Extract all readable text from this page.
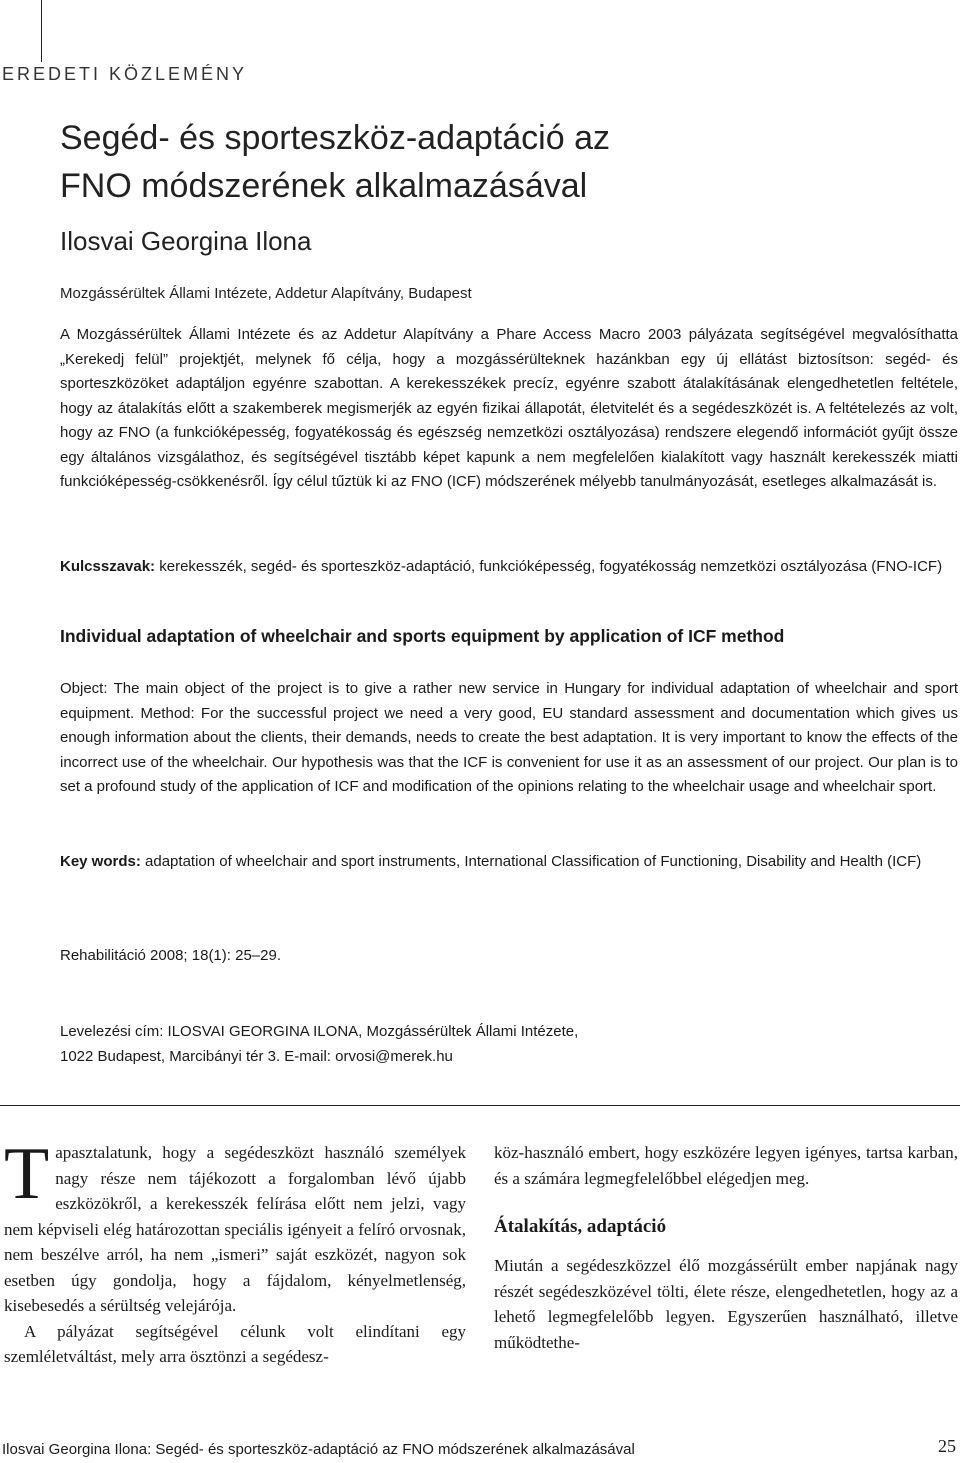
EREDETI KÖZLEMÉNY
Segéd- és sporteszköz-adaptáció az
FNO módszerének alkalmazásával
Ilosvai Georgina Ilona
Mozgássérültek Állami Intézete, Addetur Alapítvány, Budapest
A Mozgássérültek Állami Intézete és az Addetur Alapítvány a Phare Access Macro 2003 pályázata segítségével megvalósíthatta „Kerekedj felül” projektjét, melynek fő célja, hogy a mozgássérülteknek hazánkban egy új ellátást biztosítson: segéd- és sporteszközöket adaptáljon egyénre szabottan. A kerekesszékek precíz, egyénre szabott átalakításának elengedhetetlen feltétele, hogy az átalakítás előtt a szakemberek megismerjék az egyén fizikai állapotát, életvitelét és a segédeszközét is. A feltételezés az volt, hogy az FNO (a funkcióképesség, fogyatékosság és egészség nemzetközi osztályozása) rendszere elegendő információt gyűjt össze egy általános vizsgálathoz, és segítségével tisztább képet kapunk a nem megfelelően kialakított vagy használt kerekesszék miatti funkcióképesség-csökkenésről. Így célul tűztük ki az FNO (ICF) módszerének mélyebb tanulmányozását, esetleges alkalmazását is.
Kulcsszavak: kerekesszék, segéd- és sporteszköz-adaptáció, funkcióképesség, fogyatékosság nemzetközi osztályozása (FNO-ICF)
Individual adaptation of wheelchair and sports equipment by application of ICF method
Object: The main object of the project is to give a rather new service in Hungary for individual adaptation of wheelchair and sport equipment. Method: For the successful project we need a very good, EU standard assessment and documentation which gives us enough information about the clients, their demands, needs to create the best adaptation. It is very important to know the effects of the incorrect use of the wheelchair. Our hypothesis was that the ICF is convenient for use it as an assessment of our project. Our plan is to set a profound study of the application of ICF and modification of the opinions relating to the wheelchair usage and wheelchair sport.
Key words: adaptation of wheelchair and sport instruments, International Classification of Functioning, Disability and Health (ICF)
Rehabilitáció 2008; 18(1): 25–29.
Levelezési cím: ILOSVAI GEORGINA ILONA, Mozgássérültek Állami Intézete,
1022 Budapest, Marcibányi tér 3. E-mail: orvosi@merek.hu

Tapasztalatunk, hogy a segédeszközt használó személyek nagy része nem tájékozott a forgalomban lévő újabb eszközökről, a kerekesszék felírása előtt nem jelzi, vagy nem képviseli elég határozottan speciális igényeit a felíró orvosnak, nem beszélve arról, ha nem „ismeri” saját eszközét, nagyon sok esetben úgy gondolja, hogy a fájdalom, kényelmetlenség, kisebesedés a sérültség velejárója.

A pályázat segítségével célunk volt elindítani egy szemléletváltást, mely arra ösztönzi a segédesz-

köz-használó embert, hogy eszközére legyen igényes, tartsa karban, és a számára legmegfelelőbbel elégedjen meg.

Átalakítás, adaptáció

Miután a segédeszközzel élő mozgássérült ember napjának nagy részét segédeszközével tölti, élete része, elengedhetetlen, hogy az a lehető legmegfelelőbb legyen. Egyszerűen használható, illetve működtethe-

Ilosvai Georgina Ilona: Segéd- és sporteszköz-adaptáció az FNO módszerének alkalmazásával	25
